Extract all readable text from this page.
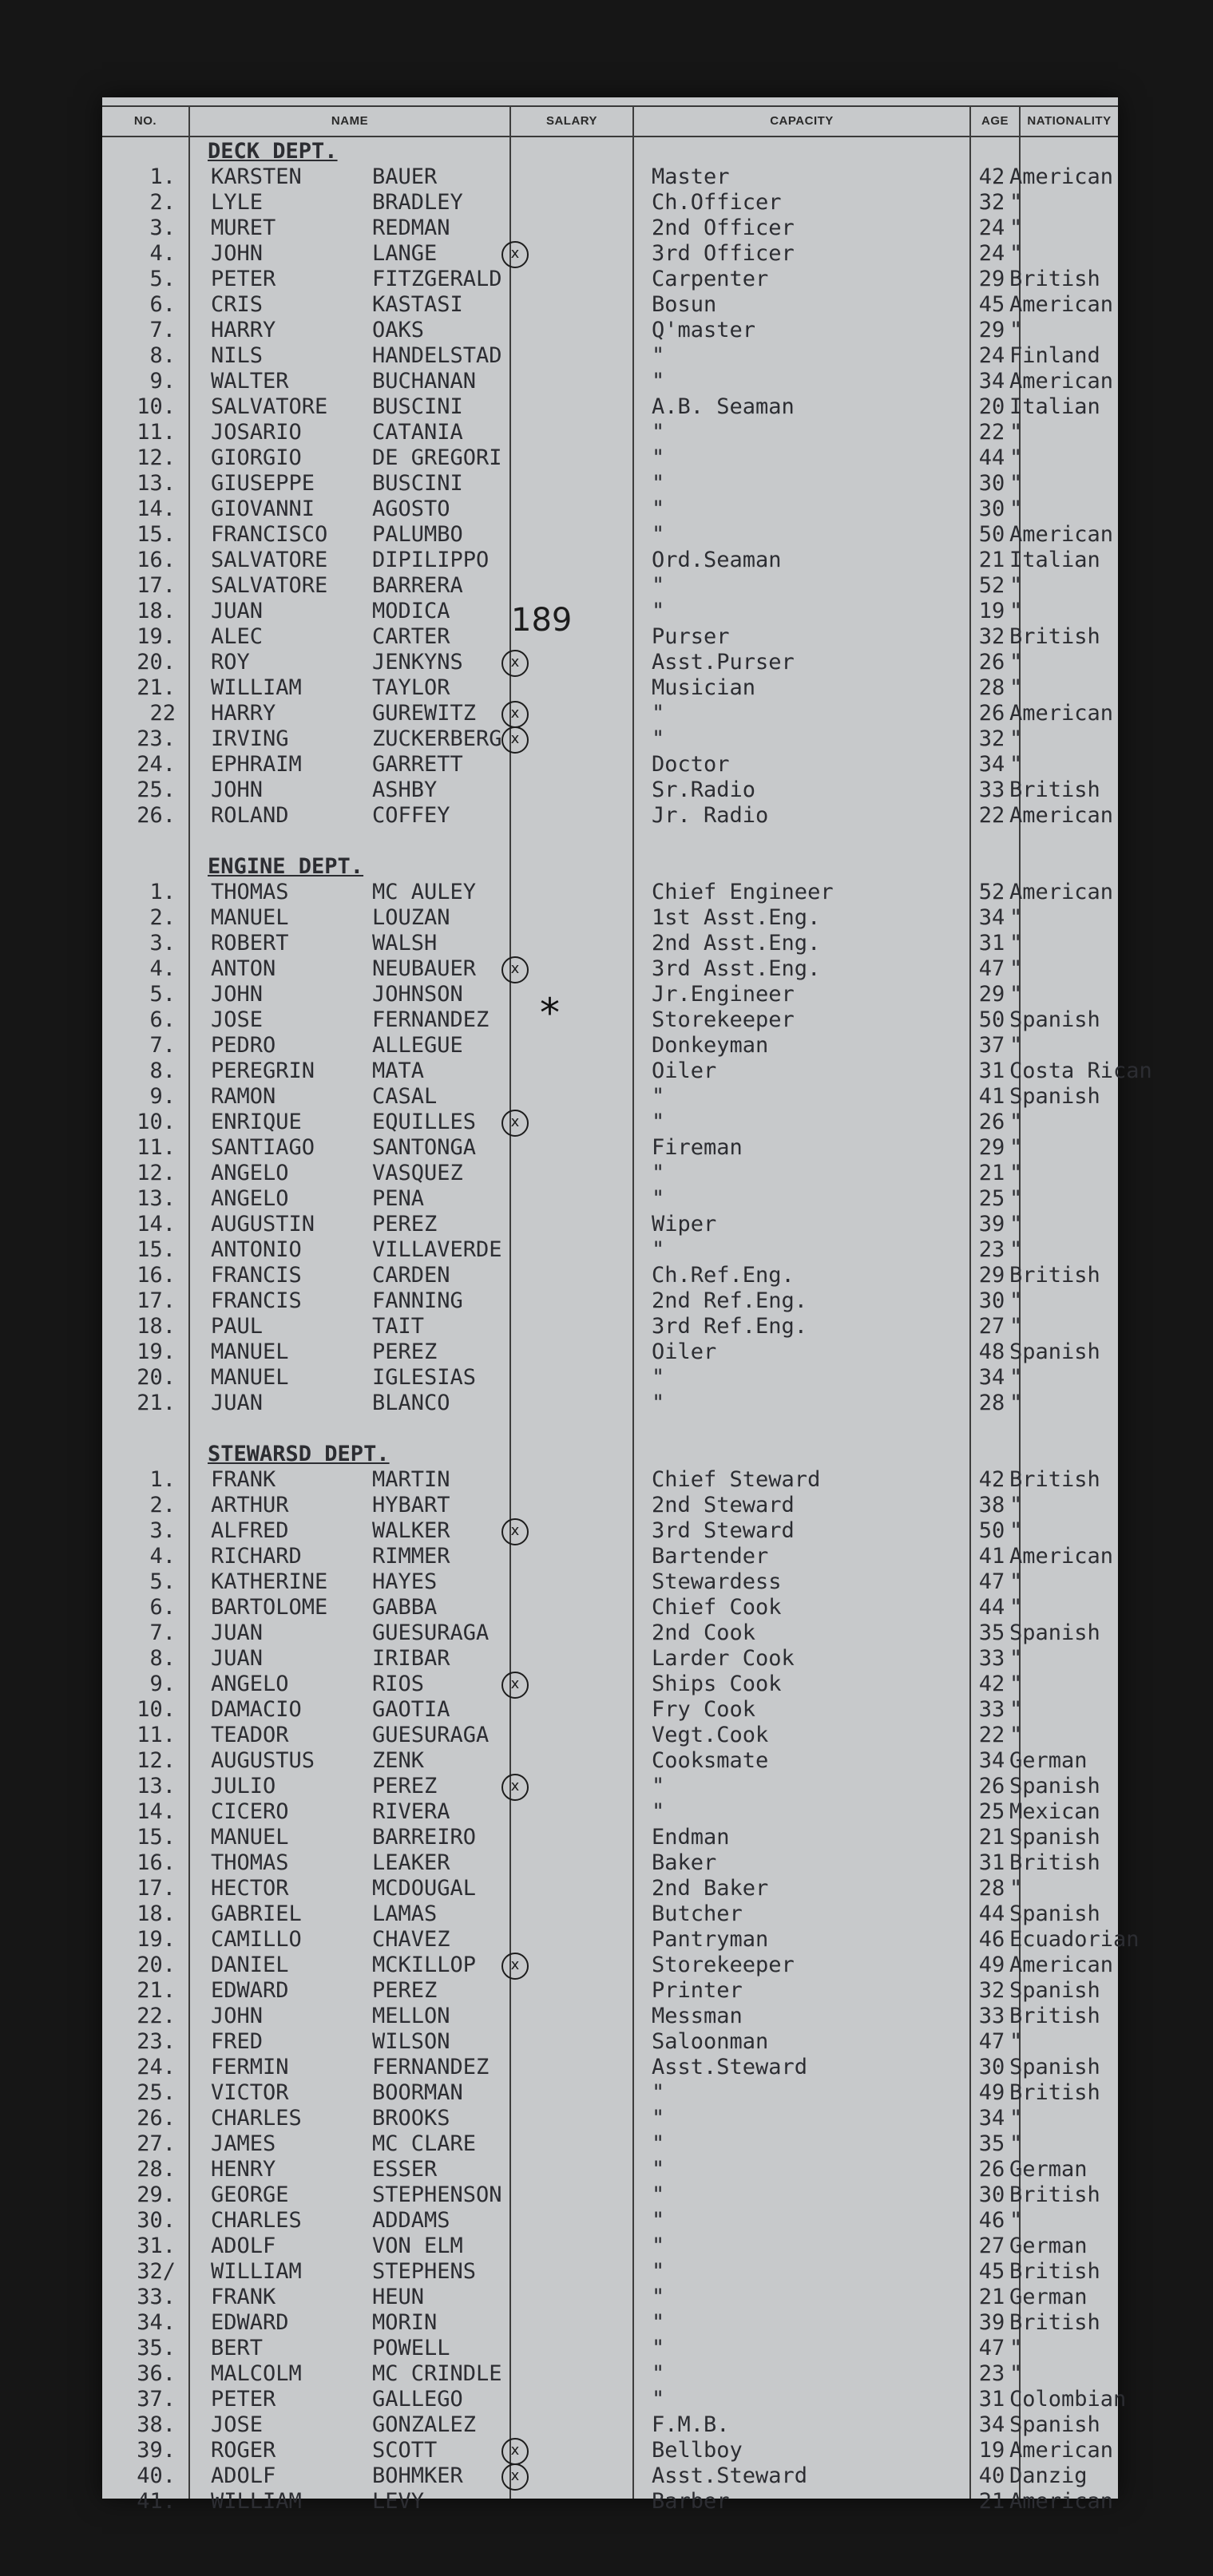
NO.	NAME	SALARY	CAPACITY	AGE	NATIONALITY
DECK DEPT.
1. KARSTEN	BAUER	Master	42 American
2. LYLE	BRADLEY	Ch.Officer	32 "
3. MURET	REDMAN	2nd Officer	24 "
4. JOHN	LANGE	3rd Officer	24 "
x
5. PETER	FITZGERALD	Carpenter	29 British
6. CRIS	KASTASI	Bosun	45 American
7. HARRY	OAKS	Q'master	29 "
8. NILS	HANDELSTAD	"	24 Finland
9. WALTER	BUCHANAN	"	34 American
10. SALVATORE	BUSCINI	A.B. Seaman	20 Italian
11. JOSARIO	CATANIA	"	22 "
12. GIORGIO	DE GREGORI	"	44 "
13. GIUSEPPE	BUSCINI	"	30 "
14. GIOVANNI	AGOSTO	"	30 "
15. FRANCISCO	PALUMBO	"	50 American
16. SALVATORE	DIPILIPPO	Ord.Seaman	21 Italian
17. SALVATORE	BARRERA	"	52 "
18. JUAN	MODICA	"	19 "
19. ALEC	CARTER	Purser	32 British
20. ROY	JENKYNS	Asst.Purser	26 "
x
21. WILLIAM	TAYLOR	Musician	28 "
22 HARRY	GUREWITZ	"	26 American
x
23. IRVING	ZUCKERBERG	"	32 "
x
24. EPHRAIM	GARRETT	Doctor	34 "
25. JOHN	ASHBY	Sr.Radio	33 British
26. ROLAND	COFFEY	Jr. Radio	22 American
ENGINE DEPT.
1. THOMAS	MC AULEY	Chief Engineer	52 American
2. MANUEL	LOUZAN	1st Asst.Eng.	34 "
3. ROBERT	WALSH	2nd Asst.Eng.	31 "
4. ANTON	NEUBAUER	3rd Asst.Eng.	47 "
x
5. JOHN	JOHNSON	Jr.Engineer	29 "
6. JOSE	FERNANDEZ	Storekeeper	50 Spanish
7. PEDRO	ALLEGUE	Donkeyman	37 "
8. PEREGRIN	MATA	Oiler	31 Costa Rican
9. RAMON	CASAL	"	41 Spanish
10. ENRIQUE	EQUILLES	"	26 "
x
11. SANTIAGO	SANTONGA	Fireman	29 "
12. ANGELO	VASQUEZ	"	21 "
13. ANGELO	PENA	"	25 "
14. AUGUSTIN	PEREZ	Wiper	39 "
15. ANTONIO	VILLAVERDE	"	23 "
16. FRANCIS	CARDEN	Ch.Ref.Eng.	29 British
17. FRANCIS	FANNING	2nd Ref.Eng.	30 "
18. PAUL	TAIT	3rd Ref.Eng.	27 "
19. MANUEL	PEREZ	Oiler	48 Spanish
20. MANUEL	IGLESIAS	"	34 "
21. JUAN	BLANCO	"	28 "
STEWARSD DEPT.
1. FRANK	MARTIN	Chief Steward	42 British
2. ARTHUR	HYBART	2nd Steward	38 "
3. ALFRED	WALKER	3rd Steward	50 "
x
4. RICHARD	RIMMER	Bartender	41 American
5. KATHERINE	HAYES	Stewardess	47 "
6. BARTOLOME	GABBA	Chief Cook	44 "
7. JUAN	GUESURAGA	2nd Cook	35 Spanish
8. JUAN	IRIBAR	Larder Cook	33 "
9. ANGELO	RIOS	Ships Cook	42 "
x
10. DAMACIO	GAOTIA	Fry Cook	33 "
11. TEADOR	GUESURAGA	Vegt.Cook	22 "
12. AUGUSTUS	ZENK	Cooksmate	34 German
13. JULIO	PEREZ	"	26 Spanish
x
14. CICERO	RIVERA	"	25 Mexican
15. MANUEL	BARREIRO	Endman	21 Spanish
16. THOMAS	LEAKER	Baker	31 British
17. HECTOR	MCDOUGAL	2nd Baker	28 "
18. GABRIEL	LAMAS	Butcher	44 Spanish
19. CAMILLO	CHAVEZ	Pantryman	46 Ecuadorian
20. DANIEL	MCKILLOP	Storekeeper	49 American
x
21. EDWARD	PEREZ	Printer	32 Spanish
22. JOHN	MELLON	Messman	33 British
23. FRED	WILSON	Saloonman	47 "
24. FERMIN	FERNANDEZ	Asst.Steward	30 Spanish
25. VICTOR	BOORMAN	"	49 British
26. CHARLES	BROOKS	"	34 "
27. JAMES	MC CLARE	"	35 "
28. HENRY	ESSER	"	26 German
29. GEORGE	STEPHENSON	"	30 British
30. CHARLES	ADDAMS	"	46 "
31. ADOLF	VON ELM	"	27 German
32/ WILLIAM	STEPHENS	"	45 British
33. FRANK	HEUN	"	21 German
34. EDWARD	MORIN	"	39 British
35. BERT	POWELL	"	47 "
36. MALCOLM	MC CRINDLE	"	23 "
37. PETER	GALLEGO	"	31 Colombian
38. JOSE	GONZALEZ	F.M.B.	34 Spanish
39. ROGER	SCOTT	Bellboy	19 American
x
40. ADOLF	BOHMKER	Asst.Steward	40 Danzig
x
41. WILLIAM	LEVY	Barber	21 American
189
*
